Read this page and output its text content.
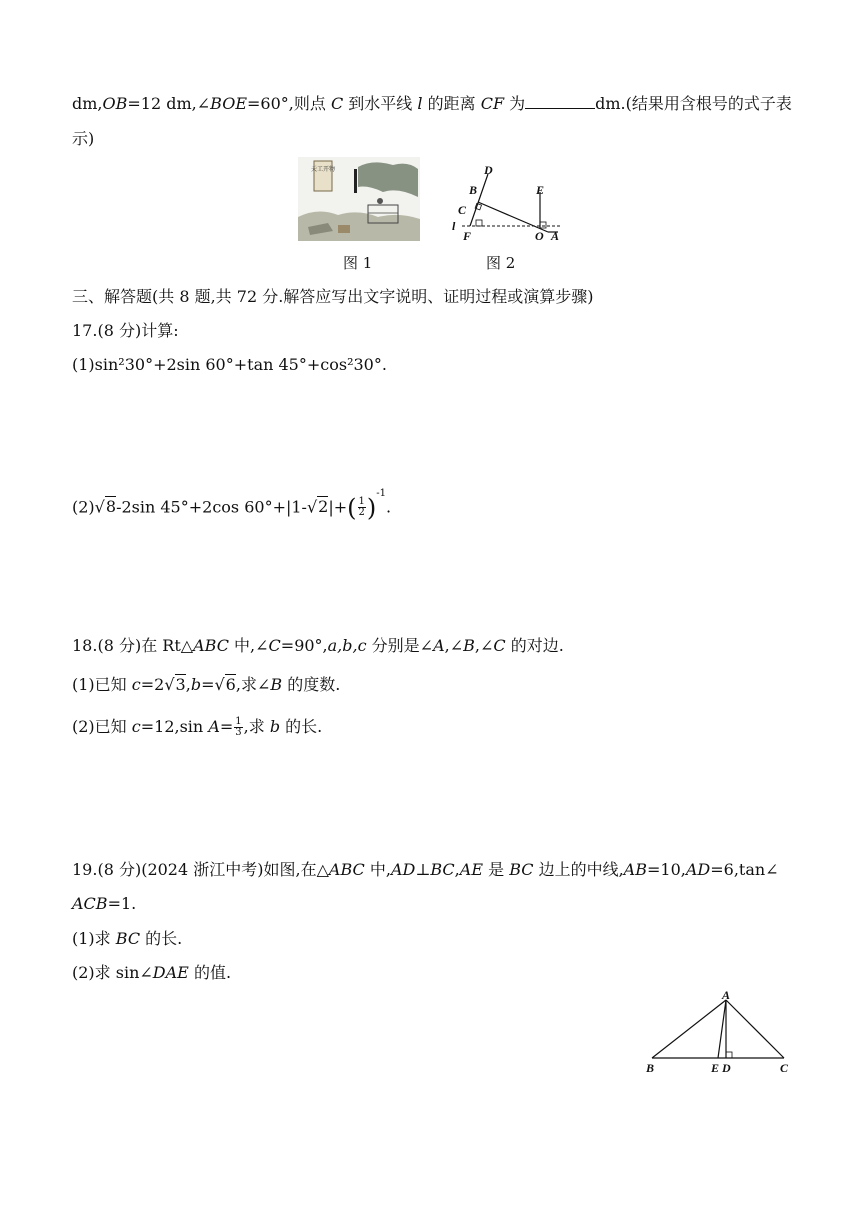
dm,OB=12 dm,∠BOE=60°,则点 C 到水平线 l 的距离 CF 为	dm.(结果用含根号的式子表
示)
天工开物	D
B	E
C
l
F	O A
图 1	图 2
三、解答题(共 8 题,共 72 分.解答应写出文字说明、证明过程或演算步骤)
17.(8 分)计算:
(1)sin²30°+2sin 60°+tan 45°+cos²30°.
(2)√8-2sin 45°+2cos $60^\circ+|1-√2|+( \frac{1}{2} )^{-1}$.
18.(8 分)在 Rt△ABC 中,∠C=90°,a,b,c 分别是∠A,∠B,∠C 的对边.
(1)已知 c=2√3,b=√6,求∠B 的度数.
(2)已知 c=12,sin $A= \frac{1}{3}$ ,求 b 的长.
19.(8 分)(2024 浙江中考)如图,在△ABC 中,AD⊥BC,AE 是 BC 边上的中线,AB=10,AD=6,tan∠
ACB=1.
(1)求 BC 的长.
(2)求 sin∠DAE 的值.
A
B	E D	C
